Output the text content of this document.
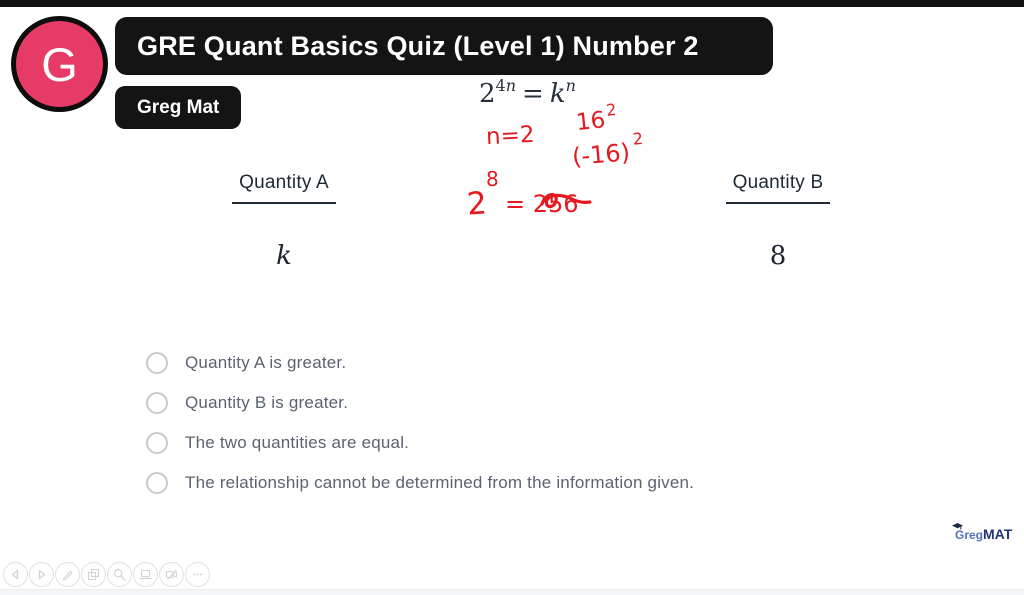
G	GRE Quant Basics Quiz (Level 1) Number 2
Greg Mat	$2^{4n} = k^n$
n=2 162
(-16)2
8
2 = 256
Quantity A	Quantity B
k	8
Quantity A is greater.
Quantity B is greater.
The two quantities are equal.
The relationship cannot be determined from the information given.
GregMAT
